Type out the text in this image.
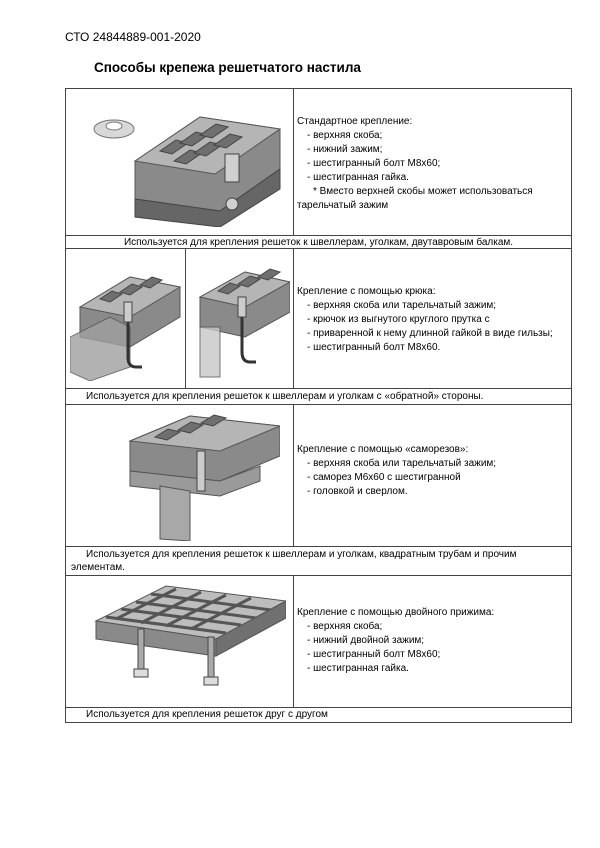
СТО 24844889-001-2020
Способы крепежа решетчатого настила
Стандартное крепление:
- верхняя скоба;
- нижний зажим;
- шестигранный болт М8х60;
- шестигранная гайка.
* Вместо верхней скобы может использоваться
тарельчатый зажим
Используется для крепления решеток к швеллерам, уголкам, двутавровым балкам.
Крепление с помощью крюка:
- верхняя скоба или тарельчатый зажим;
- крючок из выгнутого круглого прутка с
- приваренной к нему длинной гайкой в виде гильзы;
- шестигранный болт М8х60.
Используется для крепления решеток к швеллерам и уголкам с «обратной» стороны.
Крепление с помощью «саморезов»:
- верхняя скоба или тарельчатый зажим;
- саморез М6х60 с шестигранной
- головкой и сверлом.
Используется для крепления решеток к швеллерам и уголкам, квадратным трубам и прочим
элементам.
Крепление с помощью двойного прижима:
- верхняя скоба;
- нижний двойной зажим;
- шестигранный болт М8х60;
- шестигранная гайка.
Используется для крепления решеток друг с другом
